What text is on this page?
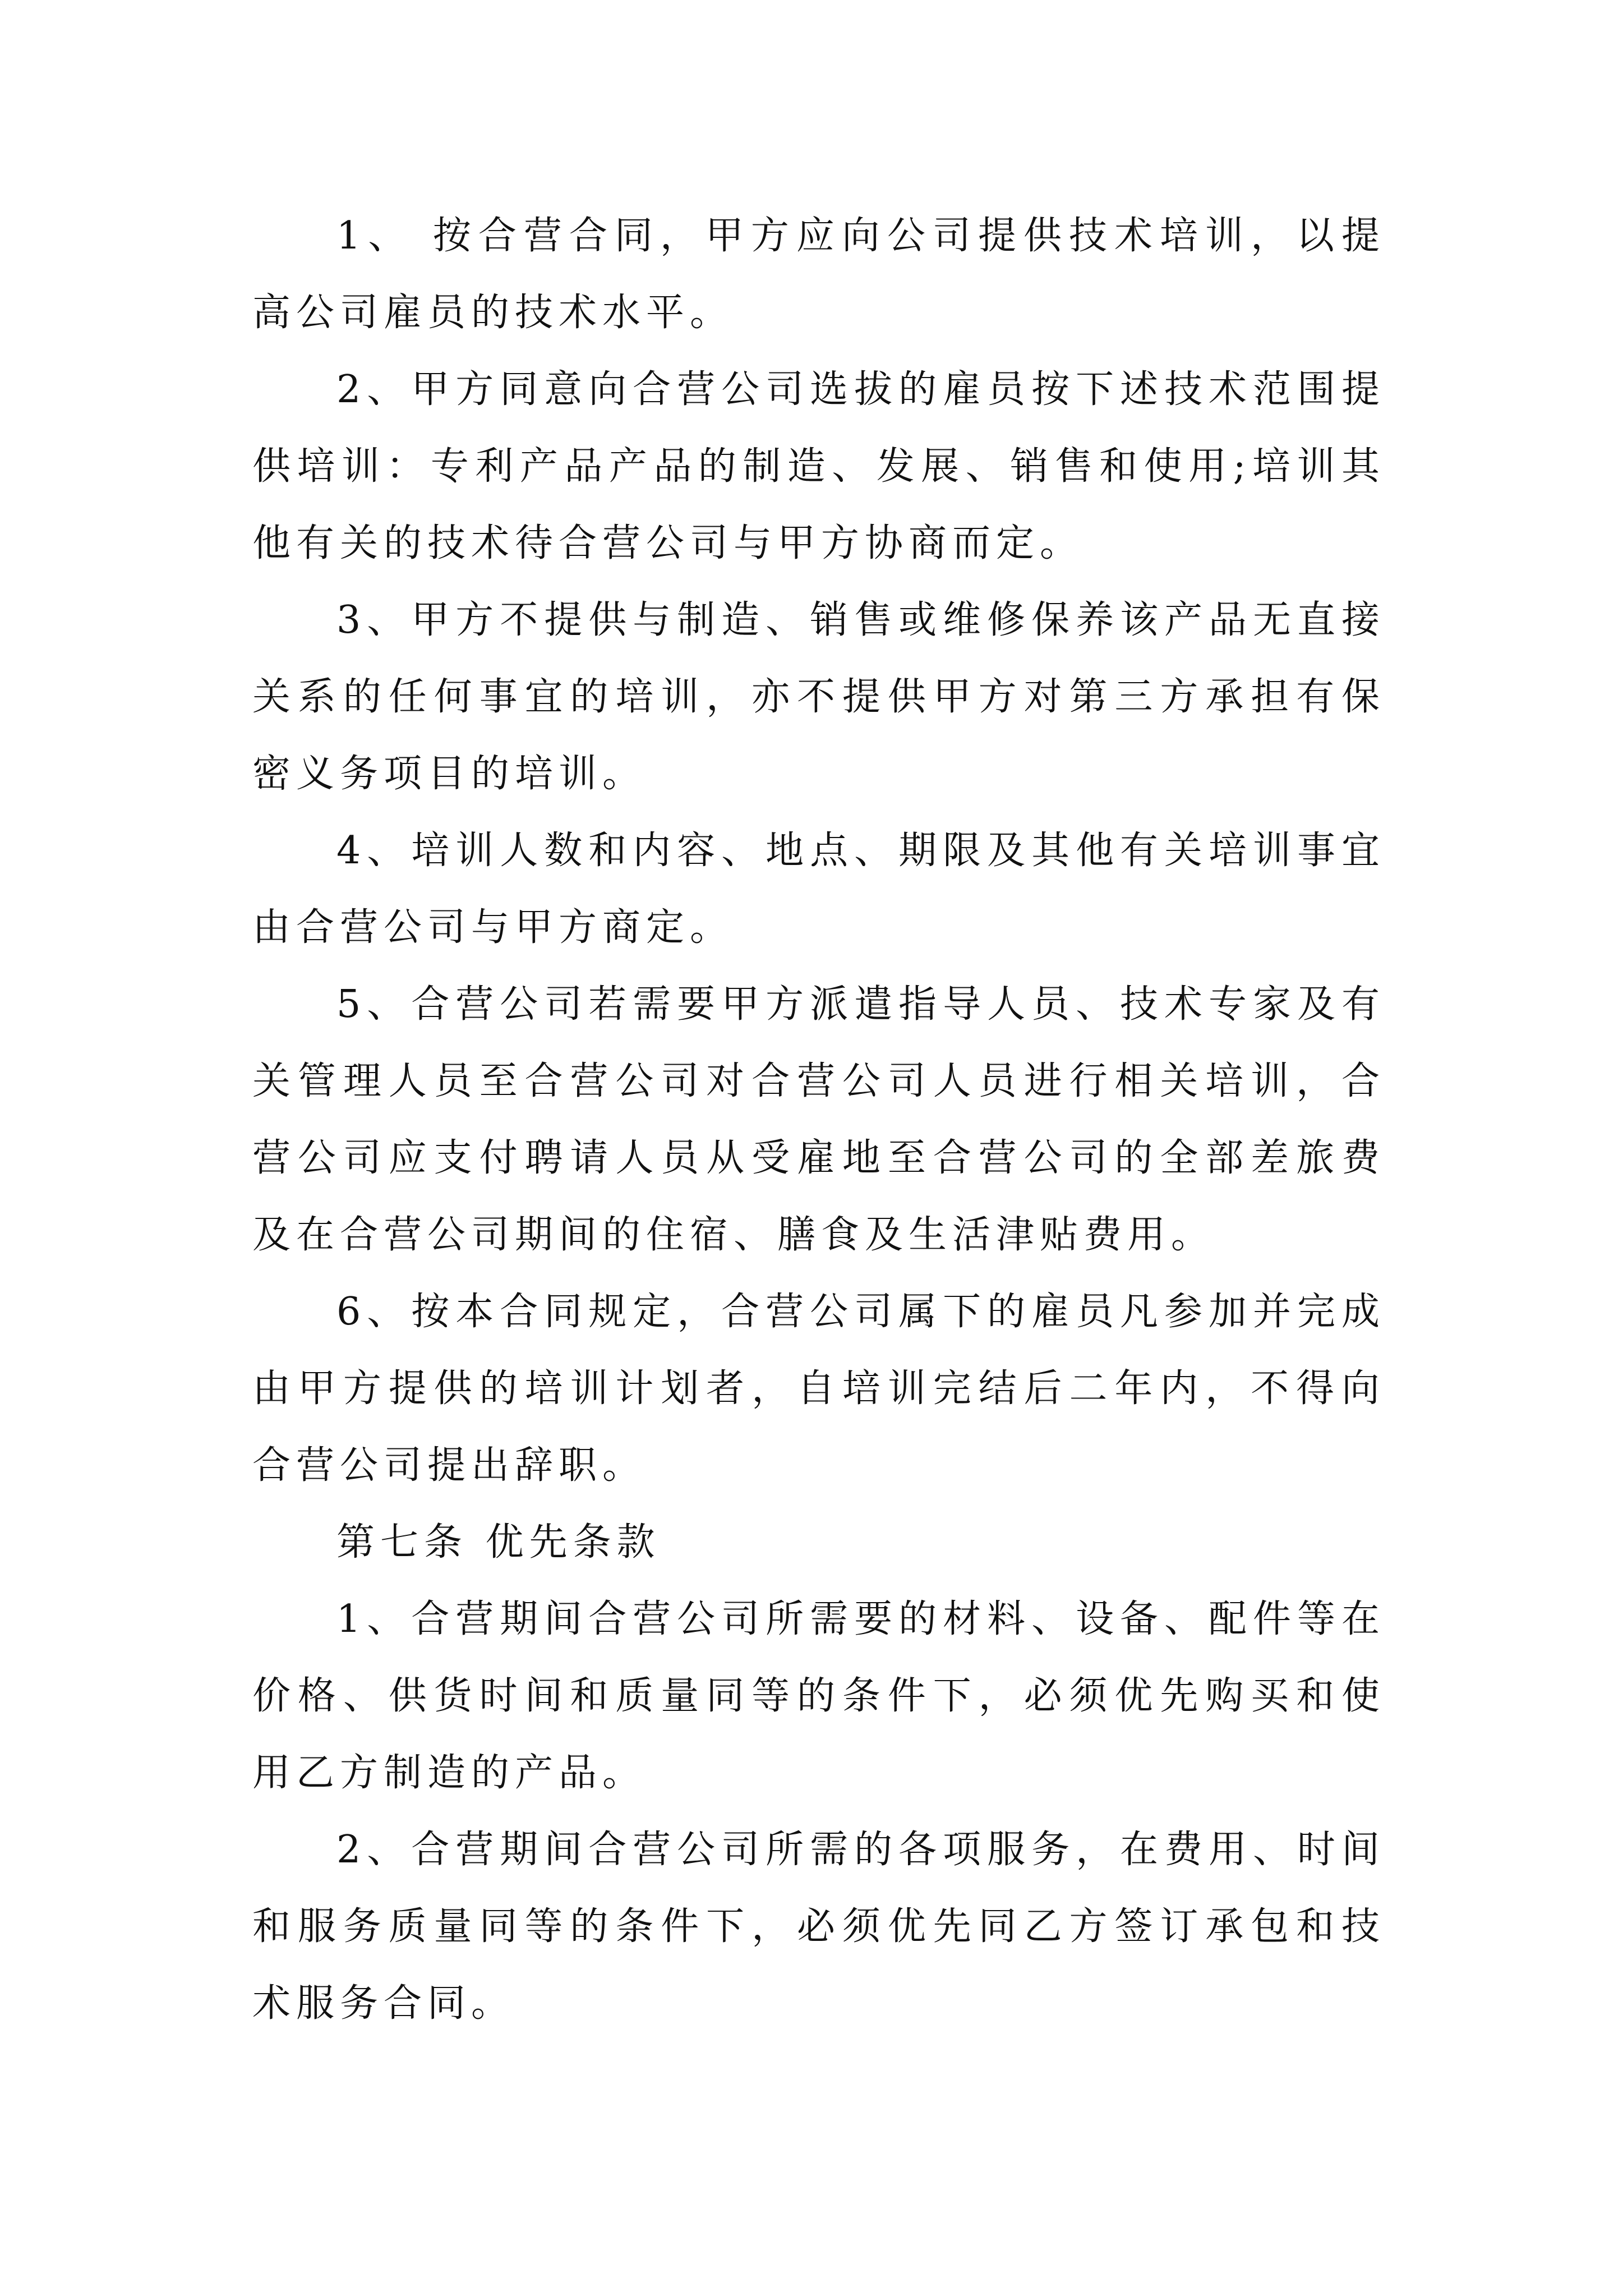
1、 按合营合同，甲方应向公司提供技术培训，以提高公司雇员的技术水平。

2、甲方同意向合营公司选拔的雇员按下述技术范围提供培训：专利产品产品的制造、发展、销售和使用;培训其他有关的技术待合营公司与甲方协商而定。

3、甲方不提供与制造、销售或维修保养该产品无直接关系的任何事宜的培训，亦不提供甲方对第三方承担有保密义务项目的培训。

4、培训人数和内容、地点、期限及其他有关培训事宜由合营公司与甲方商定。

5、合营公司若需要甲方派遣指导人员、技术专家及有关管理人员至合营公司对合营公司人员进行相关培训，合营公司应支付聘请人员从受雇地至合营公司的全部差旅费及在合营公司期间的住宿、膳食及生活津贴费用。

6、按本合同规定，合营公司属下的雇员凡参加并完成由甲方提供的培训计划者，自培训完结后二年内，不得向合营公司提出辞职。

第七条 优先条款

1、合营期间合营公司所需要的材料、设备、配件等在价格、供货时间和质量同等的条件下，必须优先购买和使用乙方制造的产品。

2、合营期间合营公司所需的各项服务，在费用、时间和服务质量同等的条件下，必须优先同乙方签订承包和技术服务合同。
